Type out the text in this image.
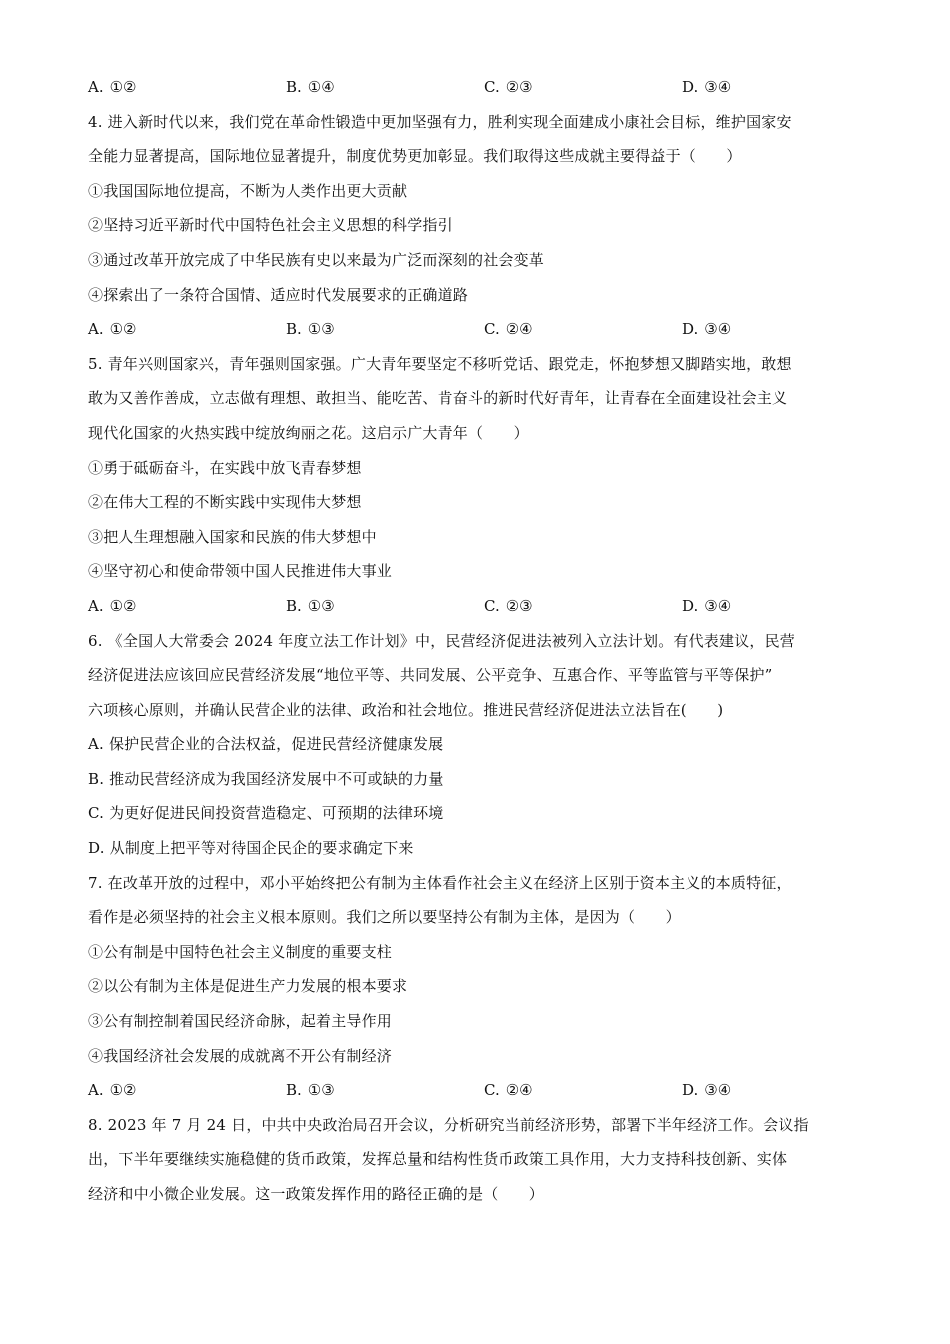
A. ①②	B. ①④	C. ②③	D. ③④
4. 进入新时代以来，我们党在革命性锻造中更加坚强有力，胜利实现全面建成小康社会目标，维护国家安
全能力显著提高，国际地位显著提升，制度优势更加彰显。我们取得这些成就主要得益于（　　）
①我国国际地位提高，不断为人类作出更大贡献
②坚持习近平新时代中国特色社会主义思想的科学指引
③通过改革开放完成了中华民族有史以来最为广泛而深刻的社会变革
④探索出了一条符合国情、适应时代发展要求的正确道路
A. ①②	B. ①③	C. ②④	D. ③④
5. 青年兴则国家兴，青年强则国家强。广大青年要坚定不移听党话、跟党走，怀抱梦想又脚踏实地，敢想
敢为又善作善成，立志做有理想、敢担当、能吃苦、肯奋斗的新时代好青年，让青春在全面建设社会主义
现代化国家的火热实践中绽放绚丽之花。这启示广大青年（　　）
①勇于砥砺奋斗，在实践中放飞青春梦想
②在伟大工程的不断实践中实现伟大梦想
③把人生理想融入国家和民族的伟大梦想中
④坚守初心和使命带领中国人民推进伟大事业
A. ①②	B. ①③	C. ②③	D. ③④
6. 《全国人大常委会 2024 年度立法工作计划》中，民营经济促进法被列入立法计划。有代表建议，民营
经济促进法应该回应民营经济发展“地位平等、共同发展、公平竞争、互惠合作、平等监管与平等保护”
六项核心原则，并确认民营企业的法律、政治和社会地位。推进民营经济促进法立法旨在(　　)
A. 保护民营企业的合法权益，促进民营经济健康发展
B. 推动民营经济成为我国经济发展中不可或缺的力量
C. 为更好促进民间投资营造稳定、可预期的法律环境
D. 从制度上把平等对待国企民企的要求确定下来
7. 在改革开放的过程中，邓小平始终把公有制为主体看作社会主义在经济上区别于资本主义的本质特征，
看作是必须坚持的社会主义根本原则。我们之所以要坚持公有制为主体，是因为（　　）
①公有制是中国特色社会主义制度的重要支柱
②以公有制为主体是促进生产力发展的根本要求
③公有制控制着国民经济命脉，起着主导作用
④我国经济社会发展的成就离不开公有制经济
A. ①②	B. ①③	C. ②④	D. ③④
8. 2023 年 7 月 24 日，中共中央政治局召开会议，分析研究当前经济形势，部署下半年经济工作。会议指
出，下半年要继续实施稳健的货币政策，发挥总量和结构性货币政策工具作用，大力支持科技创新、实体
经济和中小微企业发展。这一政策发挥作用的路径正确的是（　　）
